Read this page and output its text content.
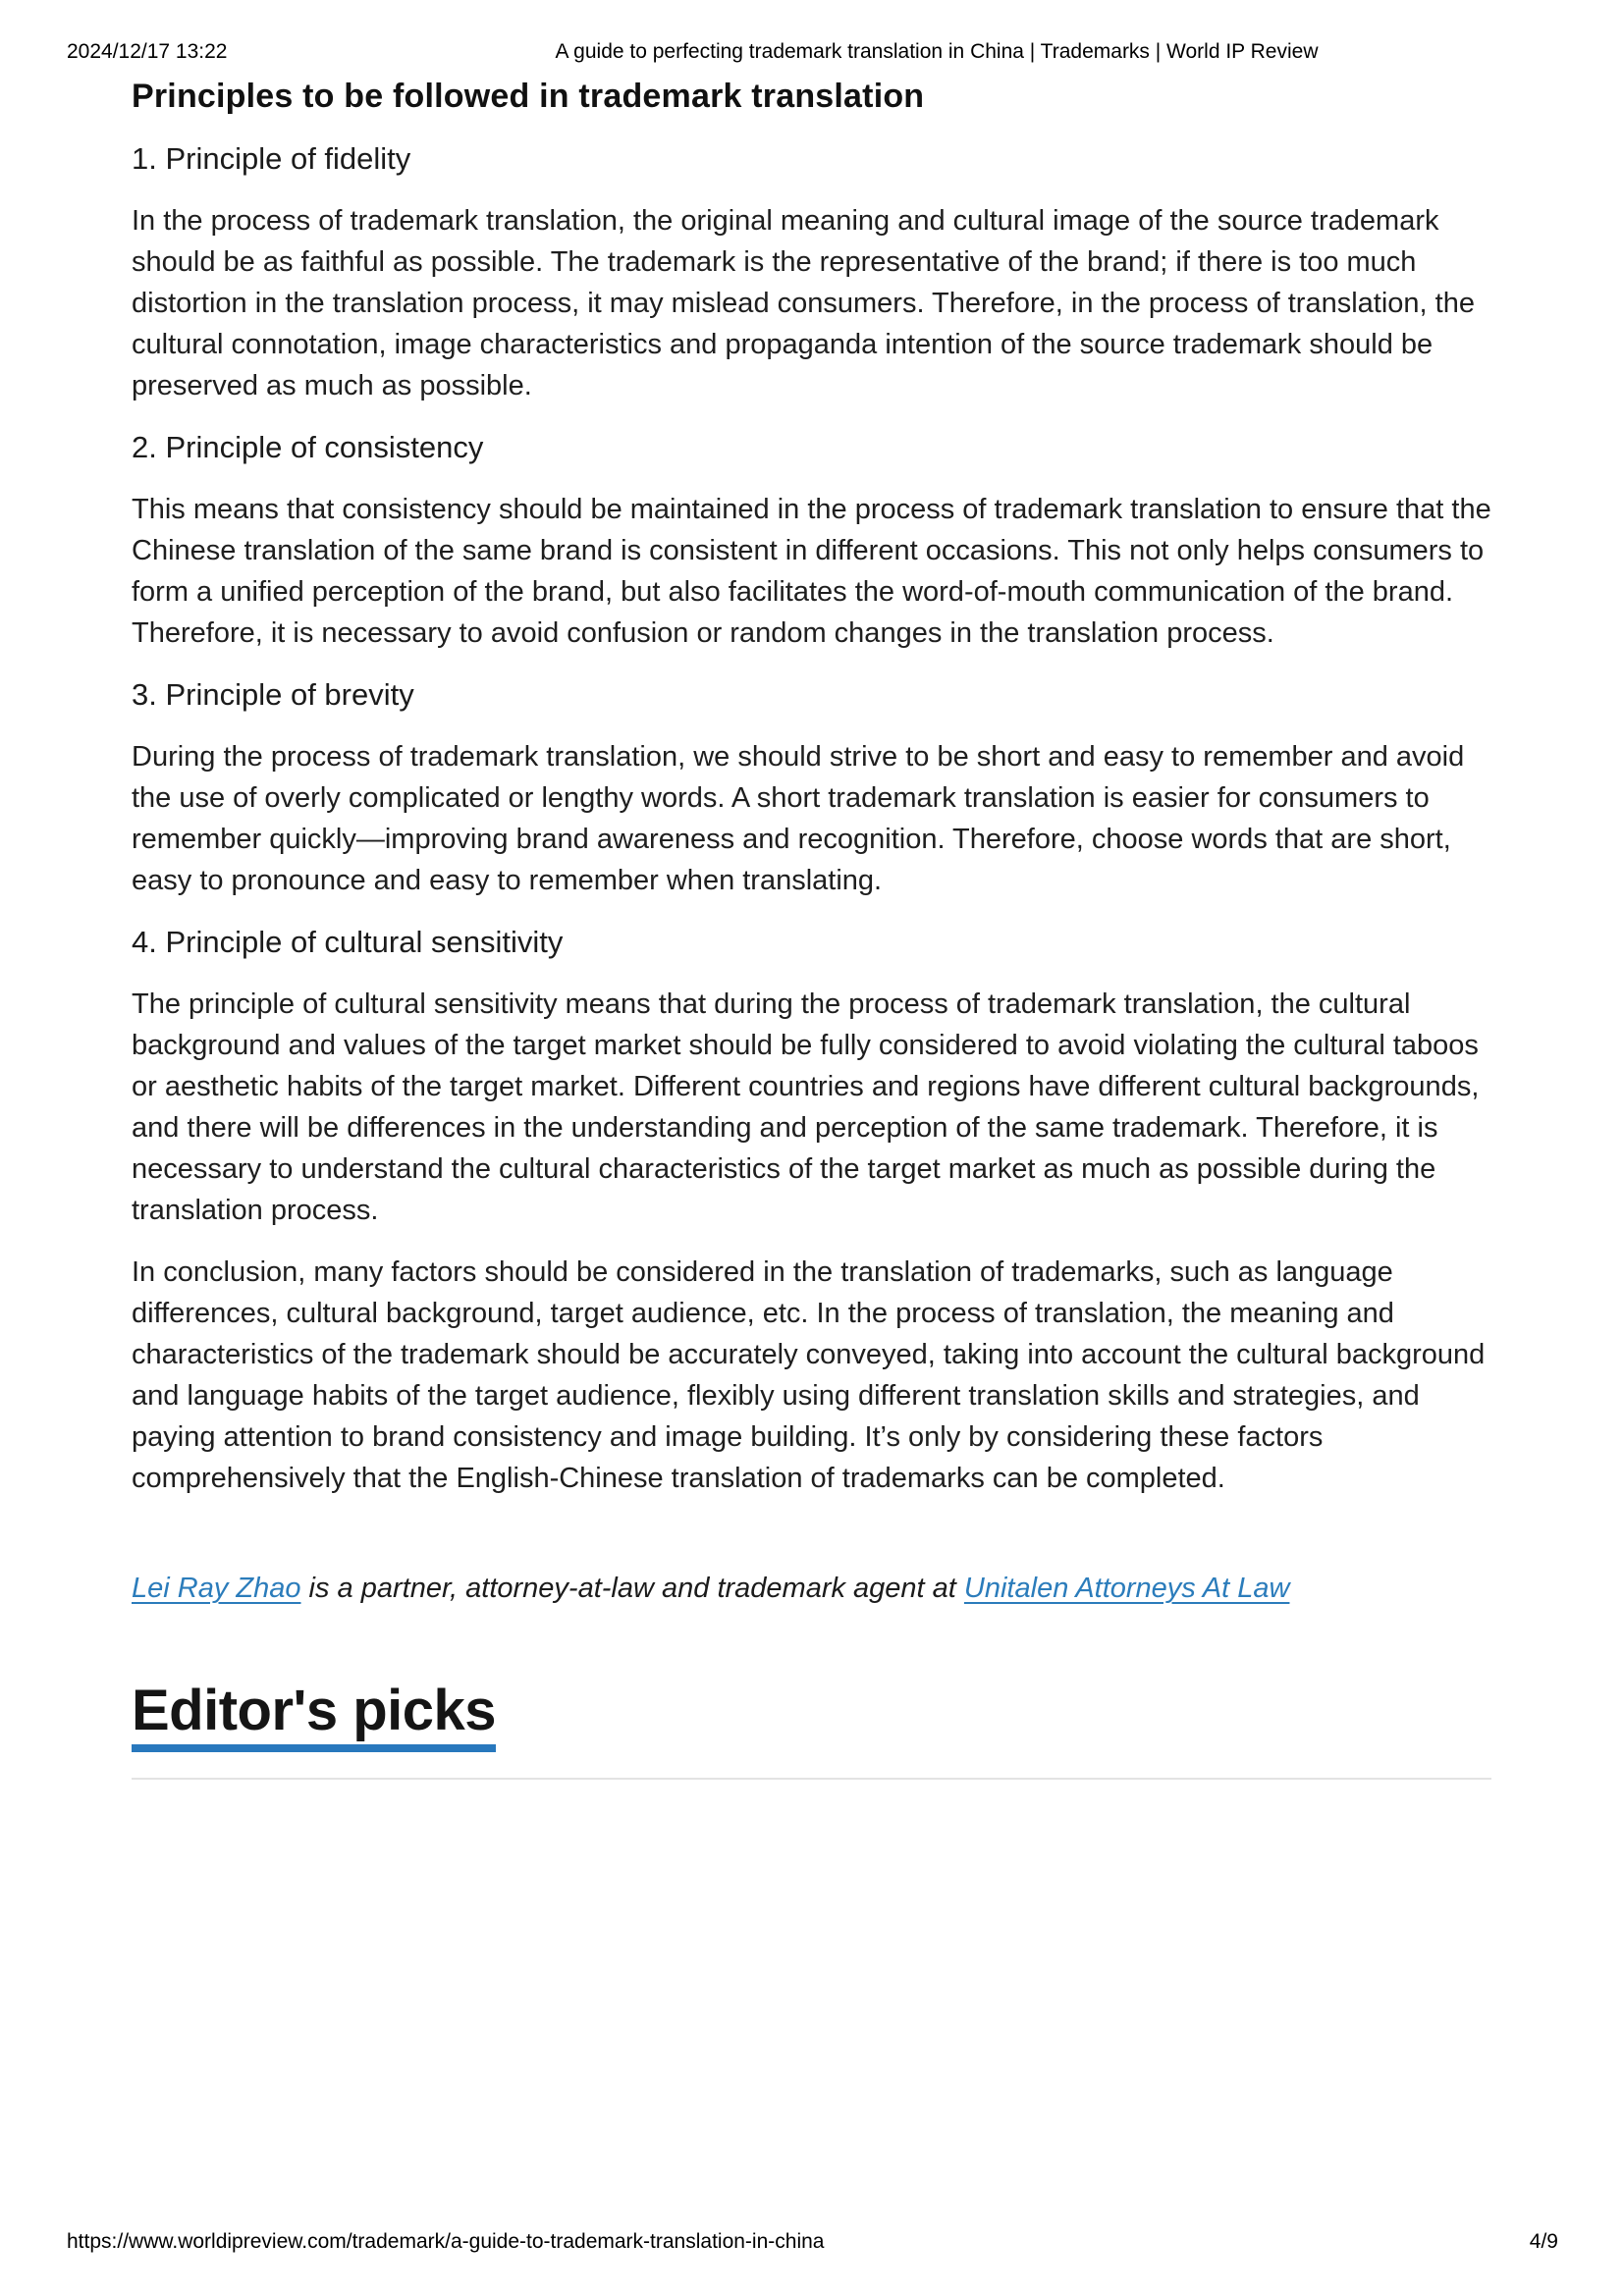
2024/12/17 13:22	A guide to perfecting trademark translation in China | Trademarks | World IP Review
Principles to be followed in trademark translation
1. Principle of fidelity

In the process of trademark translation, the original meaning and cultural image of the source trademark should be as faithful as possible. The trademark is the representative of the brand; if there is too much distortion in the translation process, it may mislead consumers. Therefore, in the process of translation, the cultural connotation, image characteristics and propaganda intention of the source trademark should be preserved as much as possible.

2. Principle of consistency

This means that consistency should be maintained in the process of trademark translation to ensure that the Chinese translation of the same brand is consistent in different occasions. This not only helps consumers to form a unified perception of the brand, but also facilitates the word-of-mouth communication of the brand. Therefore, it is necessary to avoid confusion or random changes in the translation process.

3. Principle of brevity

During the process of trademark translation, we should strive to be short and easy to remember and avoid the use of overly complicated or lengthy words. A short trademark translation is easier for consumers to remember quickly—improving brand awareness and recognition. Therefore, choose words that are short, easy to pronounce and easy to remember when translating.

4. Principle of cultural sensitivity

The principle of cultural sensitivity means that during the process of trademark translation, the cultural background and values of the target market should be fully considered to avoid violating the cultural taboos or aesthetic habits of the target market. Different countries and regions have different cultural backgrounds, and there will be differences in the understanding and perception of the same trademark. Therefore, it is necessary to understand the cultural characteristics of the target market as much as possible during the translation process.

In conclusion, many factors should be considered in the translation of trademarks, such as language differences, cultural background, target audience, etc. In the process of translation, the meaning and characteristics of the trademark should be accurately conveyed, taking into account the cultural background and language habits of the target audience, flexibly using different translation skills and strategies, and paying attention to brand consistency and image building. It’s only by considering these factors comprehensively that the English-Chinese translation of trademarks can be completed.

Lei Ray Zhao is a partner, attorney-at-law and trademark agent at Unitalen Attorneys At Law

Editor's picks
https://www.worldipreview.com/trademark/a-guide-to-trademark-translation-in-china	4/9
